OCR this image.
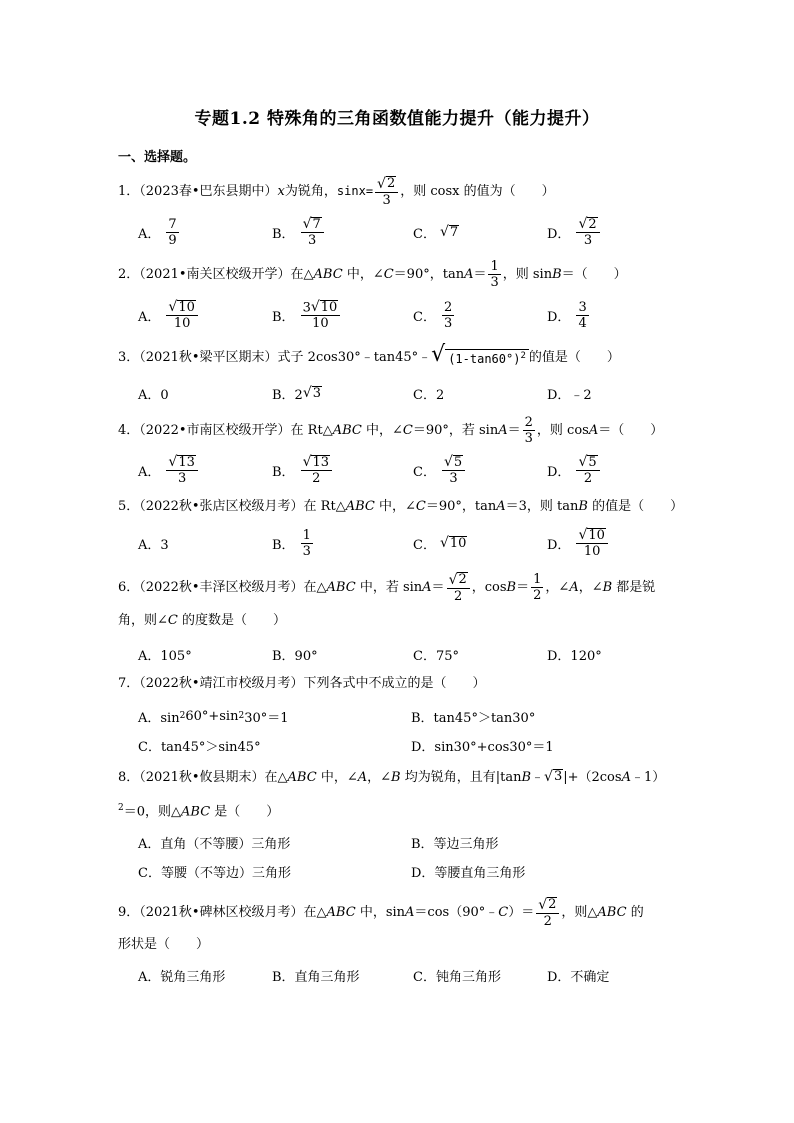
专题1.2 特殊角的三角函数值能力提升（能力提升）
一、选择题。
1．（2023春•巴东县期中）x为锐角，$\sin x= \frac{√ 2}{3}$ ，则 cosx 的值为（　　）
A． $\frac{7}{9}$	B． $\frac{√ 7}{3}$	C． √ 7	D． $\frac{√ 2}{3}$
2．（2021•南关区校级开学）在△ABC 中，∠C＝90°，$\tan A= \frac{1}{3}$ ，则 sinB＝（　　）
A． $\frac{√ 10}{10}$	B． $\frac{3 √ 10}{10}$	C． $\frac{2}{3}$	D． $\frac{3}{4}$
3．（2021秋•梁平区期末）式子 2cos30°﹣tan45°﹣ √ $(1-\tan 60^\circ)^2$ 的值是（　　）
A．0	B．2 √ 3	C．2	D．﹣2
4．（2022•市南区校级开学）在 Rt△ABC 中，∠C＝90°，若 $\sin A= \frac{2}{3}$ ，则 cosA＝（　　）
A． $\frac{√ 13}{3}$	B． $\frac{√ 13}{2}$	C． $\frac{√ 5}{3}$	D． $\frac{√ 5}{2}$
5．（2022秋•张店区校级月考）在 Rt△ABC 中，∠C＝90°，tanA＝3，则 tanB 的值是（　　）
A．3	B． $\frac{1}{3}$	C． √ 10	D． $\frac{√ 10}{10}$
6．（2022秋•丰泽区校级月考）在△ABC 中，若 $\sin A= \frac{√ 2}{2}$ ，$\cos B= \frac{1}{2}$ ，∠A，∠B 都是锐
角，则∠C 的度数是（　　）
A．105°	B．90°	C．75°	D．120°
7．（2022秋•靖江市校级月考）下列各式中不成立的是（　　）
A．sin 2 60°+sin 2 30°＝1	B．tan45°＞tan30°
C．tan45°＞sin45°	D．sin30°+cos30°＝1
8．（2021秋•攸县期末）在△ABC 中，∠A，∠B 均为锐角，且有|tanB﹣ √ 3 |+（2cosA﹣1）
$^2$＝0，则△ABC 是（　　）
A．直角（不等腰）三角形	B．等边三角形
C．等腰（不等边）三角形	D．等腰直角三角形
9．（2021秋•碑林区校级月考）在△ABC 中，sinA＝cos（90°﹣C）＝ $\frac{√ 2}{2}$ ，则△ABC 的
形状是（　　）
A．锐角三角形	B．直角三角形	C．钝角三角形	D．不确定
